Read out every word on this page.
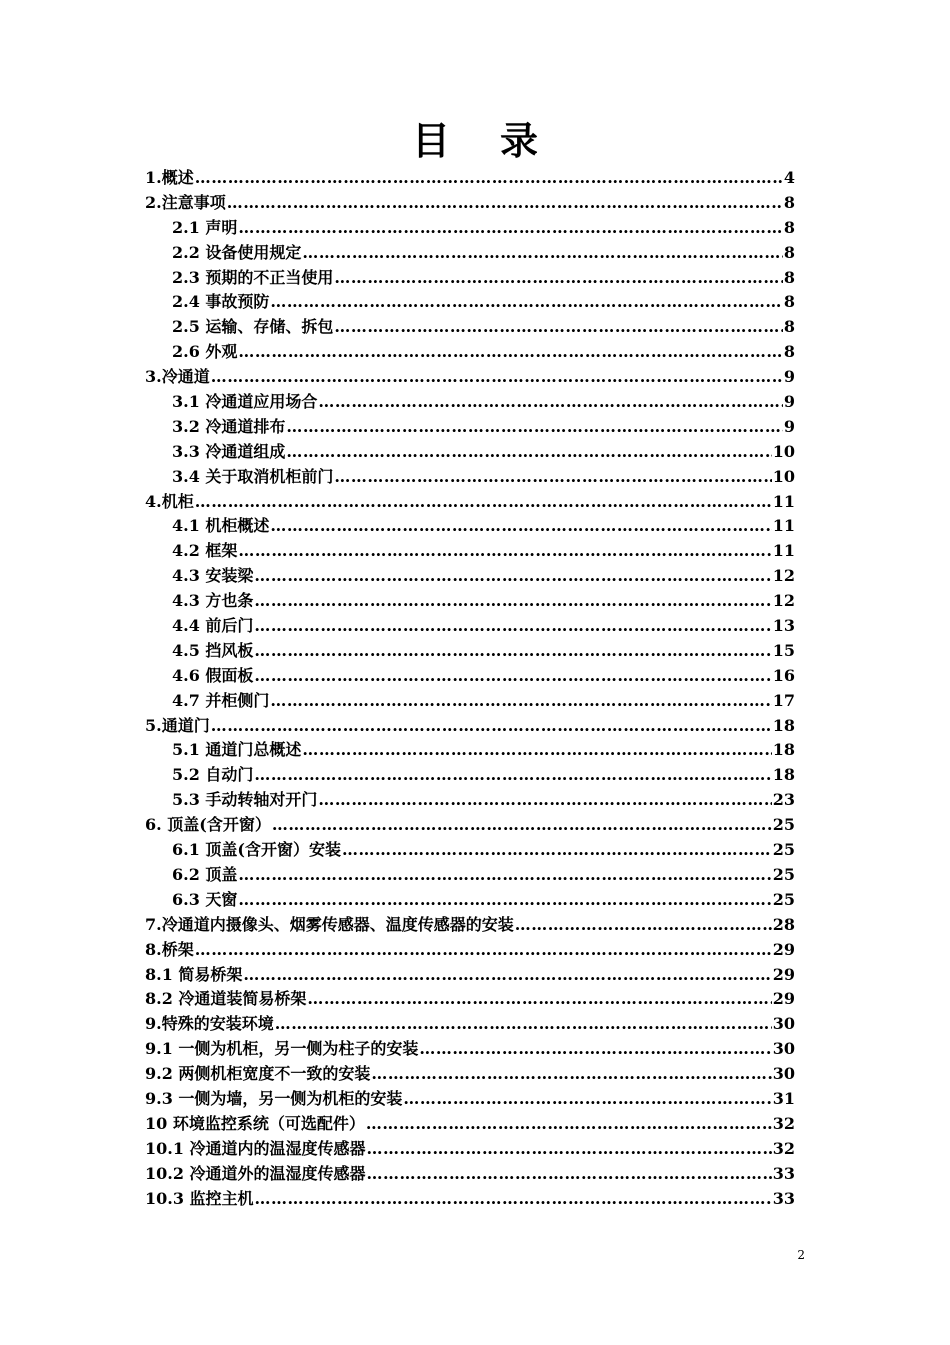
目 录
1.概述 ………………………………………………………………………………………………………………………………………………………………	4
2.注意事项 ………………………………………………………………………………………………………………………………………………………………	8
2.1 声明 ………………………………………………………………………………………………………………………………………………………………	8
2.2 设备使用规定 ………………………………………………………………………………………………………………………………………………………………	8
2.3 预期的不正当使用 ………………………………………………………………………………………………………………………………………………………………	8
2.4 事故预防 ………………………………………………………………………………………………………………………………………………………………	8
2.5 运输、存储、拆包 ………………………………………………………………………………………………………………………………………………………………	8
2.6 外观 ………………………………………………………………………………………………………………………………………………………………	8
3.冷通道 ………………………………………………………………………………………………………………………………………………………………	9
3.1 冷通道应用场合 ………………………………………………………………………………………………………………………………………………………………	9
3.2 冷通道排布 ………………………………………………………………………………………………………………………………………………………………	9
3.3 冷通道组成 ………………………………………………………………………………………………………………………………………………………………	10
3.4 关于取消机柜前门 ………………………………………………………………………………………………………………………………………………………………	10
4.机柜 ………………………………………………………………………………………………………………………………………………………………	11
4.1 机柜概述 ………………………………………………………………………………………………………………………………………………………………	11
4.2 框架 ………………………………………………………………………………………………………………………………………………………………	11
4.3 安装梁 ………………………………………………………………………………………………………………………………………………………………	12
4.3 方也条 ………………………………………………………………………………………………………………………………………………………………	12
4.4 前后门 ………………………………………………………………………………………………………………………………………………………………	13
4.5 挡风板 ………………………………………………………………………………………………………………………………………………………………	15
4.6 假面板 ………………………………………………………………………………………………………………………………………………………………	16
4.7 并柜侧门 ………………………………………………………………………………………………………………………………………………………………	17
5.通道门 ………………………………………………………………………………………………………………………………………………………………	18
5.1 通道门总概述 ………………………………………………………………………………………………………………………………………………………………	18
5.2 自动门 ………………………………………………………………………………………………………………………………………………………………	18
5.3 手动转轴对开门 ………………………………………………………………………………………………………………………………………………………………	23
6. 顶盖(含开窗） ………………………………………………………………………………………………………………………………………………………………	25
6.1 顶盖(含开窗）安装 ………………………………………………………………………………………………………………………………………………………………	25
6.2 顶盖 ………………………………………………………………………………………………………………………………………………………………	25
6.3 天窗 ………………………………………………………………………………………………………………………………………………………………	25
7.冷通道内摄像头、烟雾传感器、温度传感器的安装 ………………………………………………………………………………………………………………………………………………………………	28
8.桥架 ………………………………………………………………………………………………………………………………………………………………	29
8.1 简易桥架 ………………………………………………………………………………………………………………………………………………………………	29
8.2 冷通道装简易桥架 ………………………………………………………………………………………………………………………………………………………………	29
9.特殊的安装环境 ………………………………………………………………………………………………………………………………………………………………	30
9.1 一侧为机柜，另一侧为柱子的安装 ………………………………………………………………………………………………………………………………………………………………	30
9.2 两侧机柜宽度不一致的安装 ………………………………………………………………………………………………………………………………………………………………	30
9.3 一侧为墙，另一侧为机柜的安装 ………………………………………………………………………………………………………………………………………………………………	31
10 环境监控系统（可选配件） ………………………………………………………………………………………………………………………………………………………………	32
10.1 冷通道内的温湿度传感器 ………………………………………………………………………………………………………………………………………………………………	32
10.2 冷通道外的温湿度传感器 ………………………………………………………………………………………………………………………………………………………………	33
10.3 监控主机 ………………………………………………………………………………………………………………………………………………………………	33
2
